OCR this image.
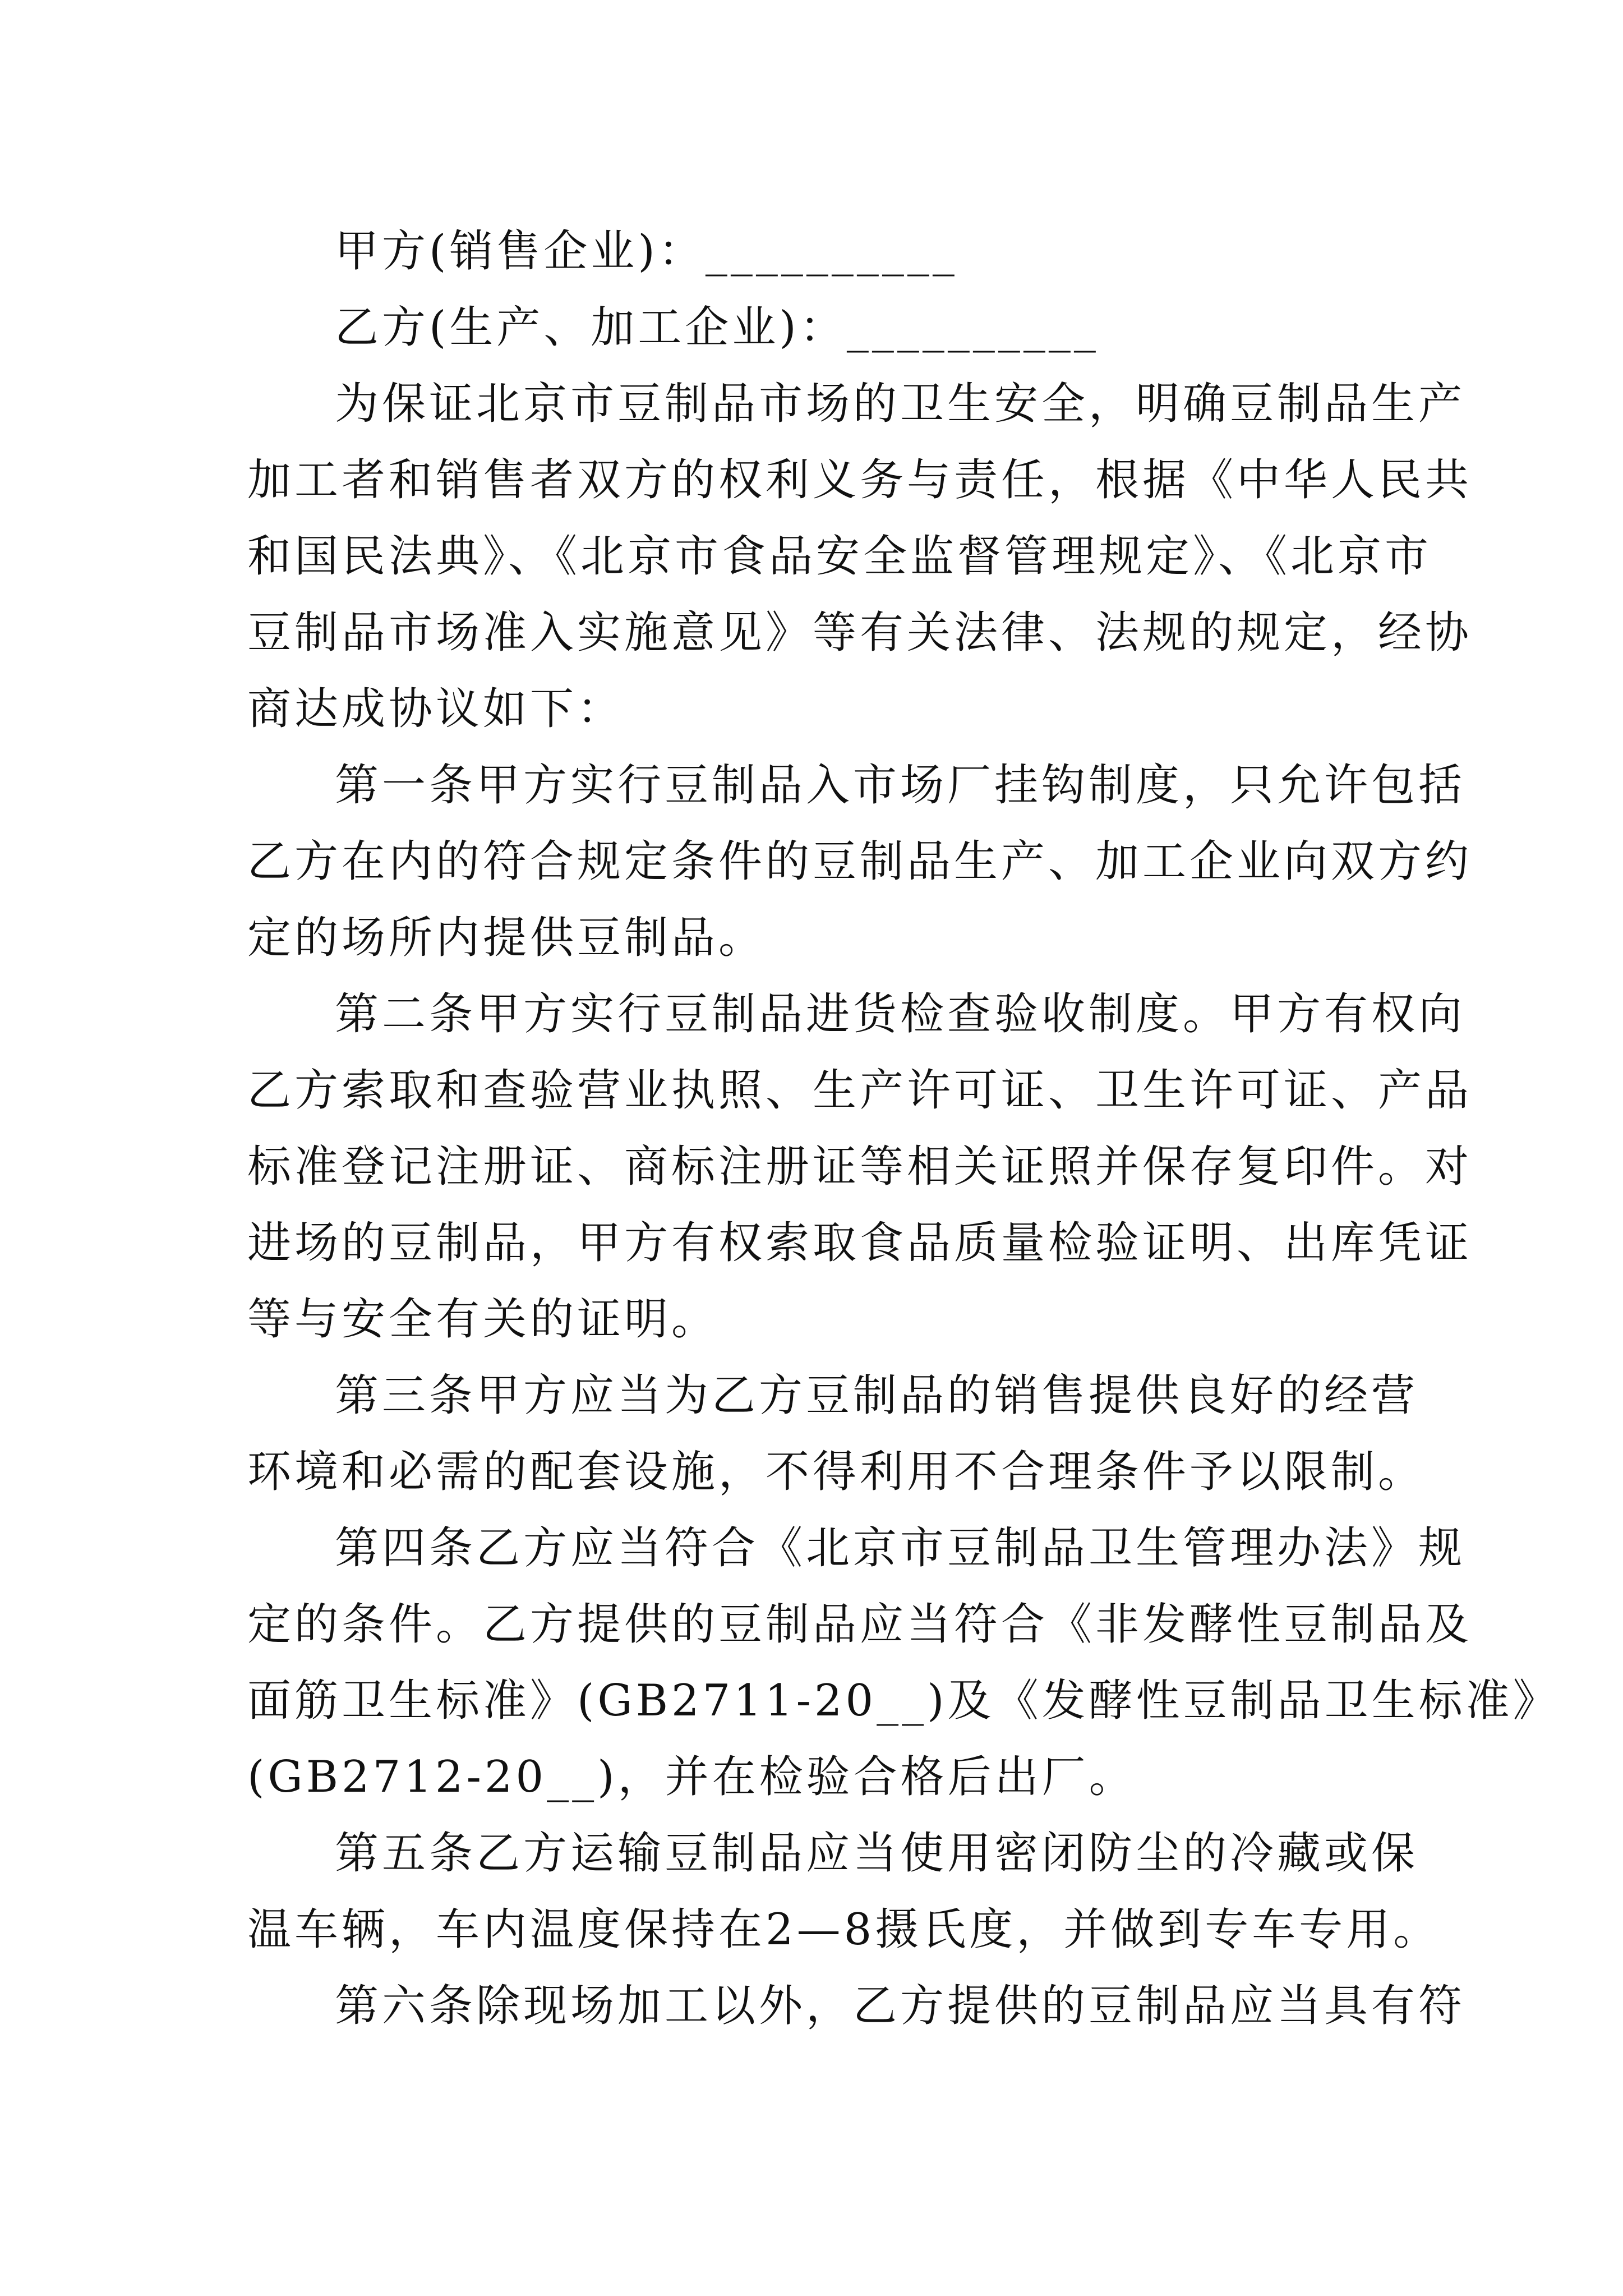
甲方(销售企业)：__________
乙方(生产、加工企业)：__________
为保证北京市豆制品市场的卫生安全，明确豆制品生产
加工者和销售者双方的权利义务与责任，根据《中华人民共
和国民法典》、《北京市食品安全监督管理规定》、《北京市
豆制品市场准入实施意见》等有关法律、法规的规定，经协
商达成协议如下：
第一条甲方实行豆制品入市场厂挂钩制度，只允许包括
乙方在内的符合规定条件的豆制品生产、加工企业向双方约
定的场所内提供豆制品。
第二条甲方实行豆制品进货检查验收制度。甲方有权向
乙方索取和查验营业执照、生产许可证、卫生许可证、产品
标准登记注册证、商标注册证等相关证照并保存复印件。对
进场的豆制品，甲方有权索取食品质量检验证明、出库凭证
等与安全有关的证明。
第三条甲方应当为乙方豆制品的销售提供良好的经营
环境和必需的配套设施，不得利用不合理条件予以限制。
第四条乙方应当符合《北京市豆制品卫生管理办法》规
定的条件。乙方提供的豆制品应当符合《非发酵性豆制品及
面筋卫生标准》(GB2711-20__)及《发酵性豆制品卫生标准》
(GB2712-20__)，并在检验合格后出厂。
第五条乙方运输豆制品应当使用密闭防尘的冷藏或保
温车辆，车内温度保持在2—8摄氏度，并做到专车专用。
第六条除现场加工以外，乙方提供的豆制品应当具有符
